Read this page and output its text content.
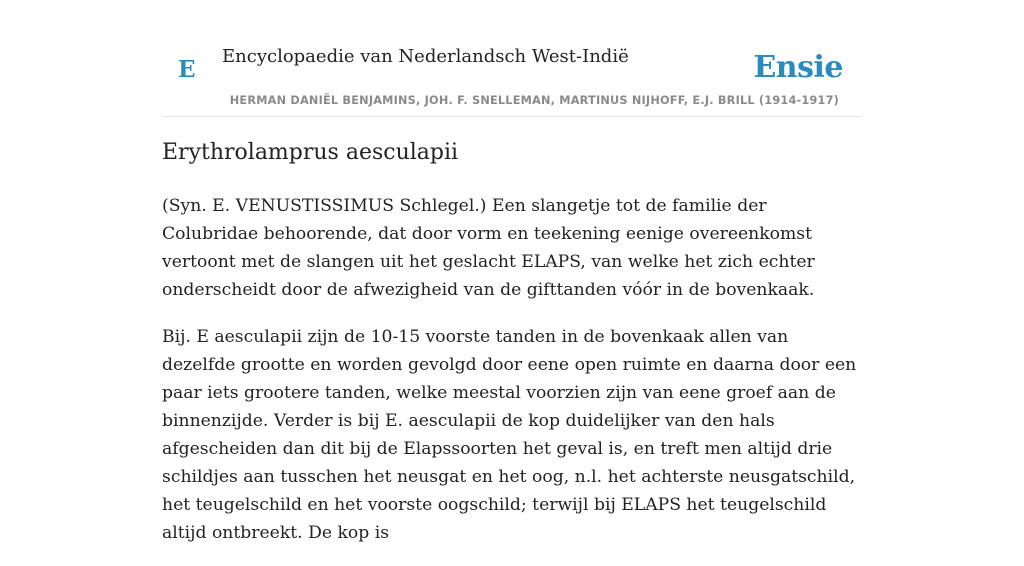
E Encyclopaedie van Nederlandsch West-Indië	Ensie
HERMAN DANIËL BENJAMINS, JOH. F. SNELLEMAN, MARTINUS NIJHOFF, E.J. BRILL (1914-1917)
Erythrolamprus aesculapii

(Syn. E. VENUSTISSIMUS Schlegel.) Een slangetje tot de familie der Colubridae behoorende, dat door vorm en teekening eenige overeenkomst vertoont met de slangen uit het geslacht ELAPS, van welke het zich echter onderscheidt door de afwezigheid van de gifttanden vóór in de bovenkaak.

Bij. E aesculapii zijn de 10-15 voorste tanden in de bovenkaak allen van dezelfde grootte en worden gevolgd door eene open ruimte en daarna door een paar iets grootere tanden, welke meestal voorzien zijn van eene groef aan de binnenzijde. Verder is bij E. aesculapii de kop duidelijker van den hals afgescheiden dan dit bij de Elapssoorten het geval is, en treft men altijd drie schildjes aan tusschen het neusgat en het oog, n.l. het achterste neusgatschild, het teugelschild en het voorste oogschild; terwijl bij ELAPS het teugelschild altijd ontbreekt. De kop is
